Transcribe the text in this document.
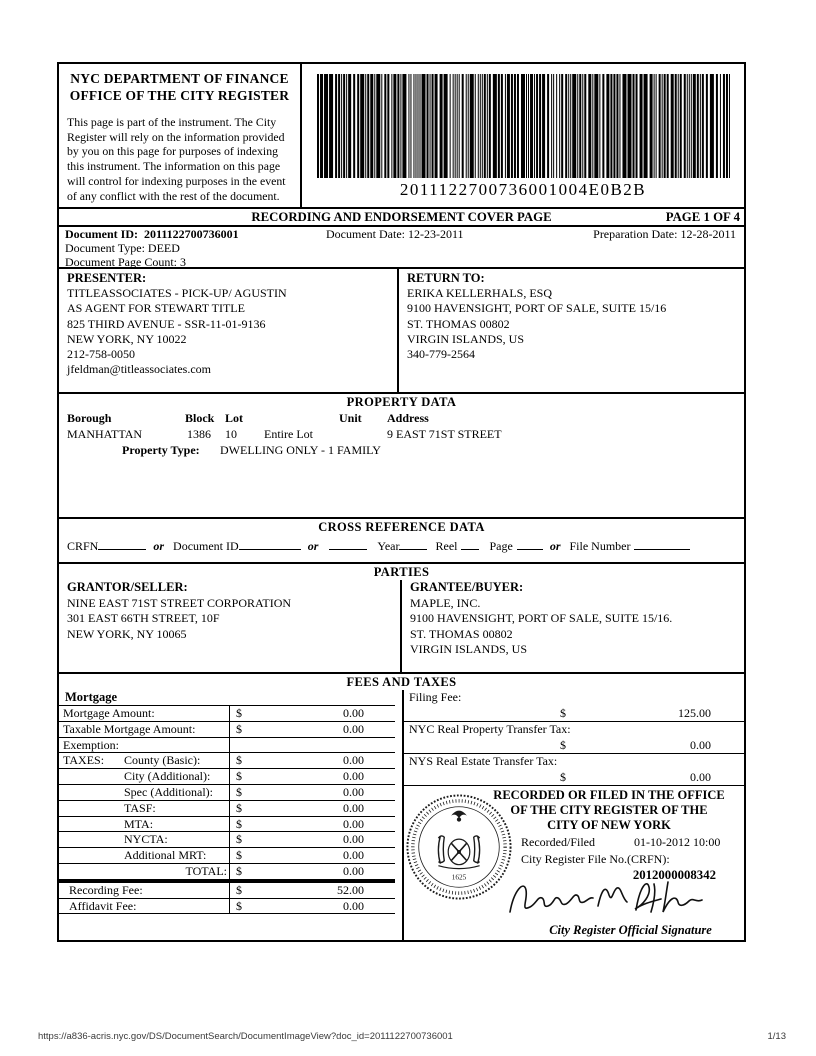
NYC DEPARTMENT OF FINANCE
OFFICE OF THE CITY REGISTER

This page is part of the instrument. The City Register will rely on the information provided by you on this page for purposes of indexing this instrument. The information on this page will control for indexing purposes in the event of any conflict with the rest of the document.	2011122700736001004E0B2B
RECORDING AND ENDORSEMENT COVER PAGE	PAGE 1 OF 4
Document ID: 2011122700736001	Document Date: 12-23-2011	Preparation Date: 12-28-2011
Document Type: DEED
Document Page Count: 3
PRESENTER:
TITLEASSOCIATES - PICK-UP/ AGUSTIN
AS AGENT FOR STEWART TITLE
825 THIRD AVENUE - SSR-11-01-9136
NEW YORK, NY 10022
212-758-0050
jfeldman@titleassociates.com
RETURN TO:
ERIKA KELLERHALS, ESQ
9100 HAVENSIGHT, PORT OF SALE, SUITE 15/16
ST. THOMAS 00802
VIRGIN ISLANDS, US
340-779-2564
PROPERTY DATA
Borough	Block Lot	Unit Address
MANHATTAN	1386 10 Entire Lot	9 EAST 71ST STREET
Property Type: DWELLING ONLY - 1 FAMILY
CROSS REFERENCE DATA
CRFN	or Document ID	or	Year	Reel	Page	or File Number
PARTIES
GRANTOR/SELLER:
NINE EAST 71ST STREET CORPORATION
301 EAST 66TH STREET, 10F
NEW YORK, NY 10065
GRANTEE/BUYER:
MAPLE, INC.
9100 HAVENSIGHT, PORT OF SALE, SUITE 15/16.
ST. THOMAS 00802
VIRGIN ISLANDS, US
FEES AND TAXES
Mortgage
Mortgage Amount:	$	0.00
Taxable Mortgage Amount:	$	0.00
Exemption:
TAXES: County (Basic):	$	0.00
City (Additional):	$	0.00
Spec (Additional):	$	0.00
TASF:	$	0.00
MTA:	$	0.00
NYCTA:	$	0.00
Additional MRT:	$	0.00
TOTAL: $	0.00
Recording Fee:	$	52.00
Affidavit Fee:	$	0.00
Filing Fee:
$	125.00
NYC Real Property Transfer Tax:
$	0.00
NYS Real Estate Transfer Tax:
$	0.00
RECORDED OR FILED IN THE OFFICE
OF THE CITY REGISTER OF THE
CITY OF NEW YORK
1625
Recorded/Filed	01-10-2012 10:00
City Register File No.(CRFN):
2012000008342
City Register Official Signature
https://a836-acris.nyc.gov/DS/DocumentSearch/DocumentImageView?doc_id=2011122700736001	1/13
